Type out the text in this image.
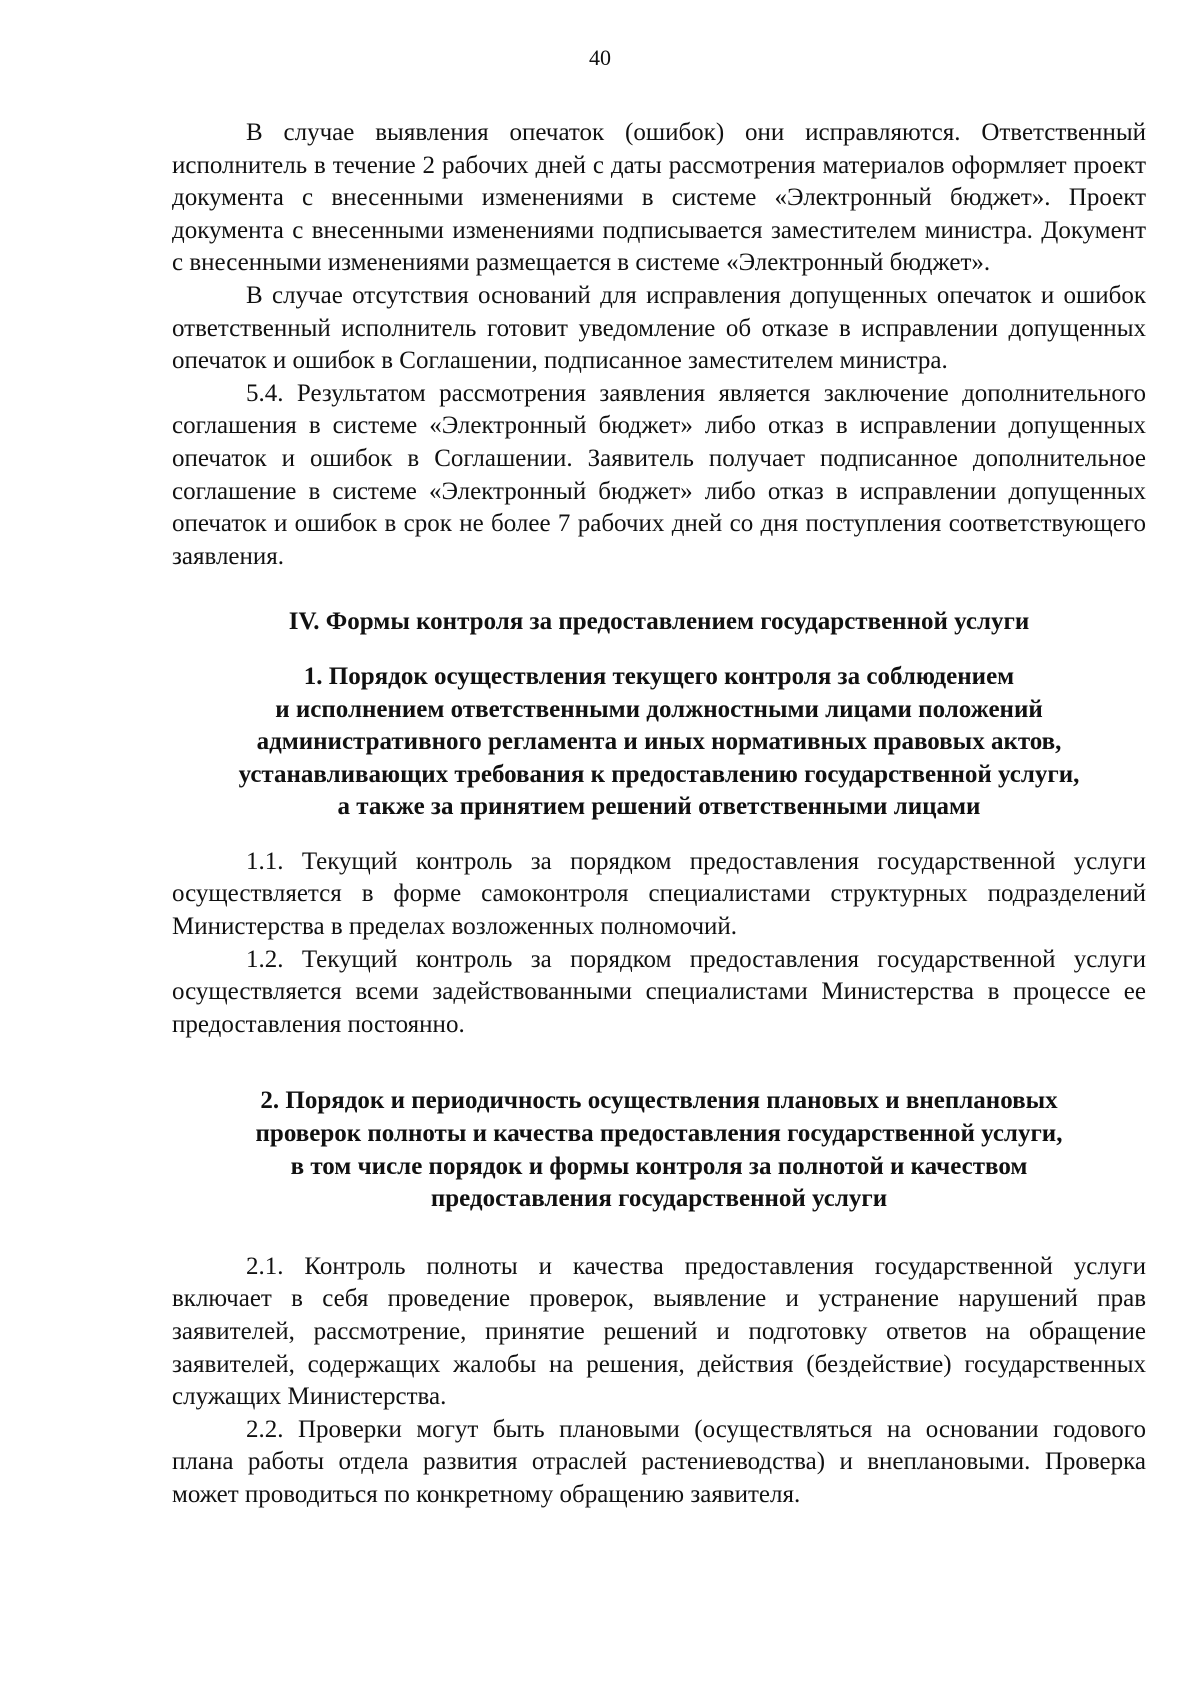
40

В случае выявления опечаток (ошибок) они исправляются. Ответственный исполнитель в течение 2 рабочих дней с даты рассмотрения материалов оформляет проект документа с внесенными изменениями в системе «Электронный бюджет». Проект документа с внесенными изменениями подписывается заместителем министра. Документ с внесенными изменениями размещается в системе «Электронный бюджет».

В случае отсутствия оснований для исправления допущенных опечаток и ошибок ответственный исполнитель готовит уведомление об отказе в исправлении допущенных опечаток и ошибок в Соглашении, подписанное заместителем министра.

5.4. Результатом рассмотрения заявления является заключение дополнительного соглашения в системе «Электронный бюджет» либо отказ в исправлении допущенных опечаток и ошибок в Соглашении. Заявитель получает подписанное дополнительное соглашение в системе «Электронный бюджет» либо отказ в исправлении допущенных опечаток и ошибок в срок не более 7 рабочих дней со дня поступления соответствующего заявления.

IV. Формы контроля за предоставлением государственной услуги
1. Порядок осуществления текущего контроля за соблюдением
и исполнением ответственными должностными лицами положений
административного регламента и иных нормативных правовых актов,
устанавливающих требования к предоставлению государственной услуги,
а также за принятием решений ответственными лицами

1.1. Текущий контроль за порядком предоставления государственной услуги осуществляется в форме самоконтроля специалистами структурных подразделений Министерства в пределах возложенных полномочий.

1.2. Текущий контроль за порядком предоставления государственной услуги осуществляется всеми задействованными специалистами Министерства в процессе ее предоставления постоянно.

2. Порядок и периодичность осуществления плановых и внеплановых
проверок полноты и качества предоставления государственной услуги,
в том числе порядок и формы контроля за полнотой и качеством
предоставления государственной услуги

2.1. Контроль полноты и качества предоставления государственной услуги включает в себя проведение проверок, выявление и устранение нарушений прав заявителей, рассмотрение, принятие решений и подготовку ответов на обращение заявителей, содержащих жалобы на решения, действия (бездействие) государственных служащих Министерства.

2.2. Проверки могут быть плановыми (осуществляться на основании годового плана работы отдела развития отраслей растениеводства) и внеплановыми. Проверка может проводиться по конкретному обращению заявителя.
